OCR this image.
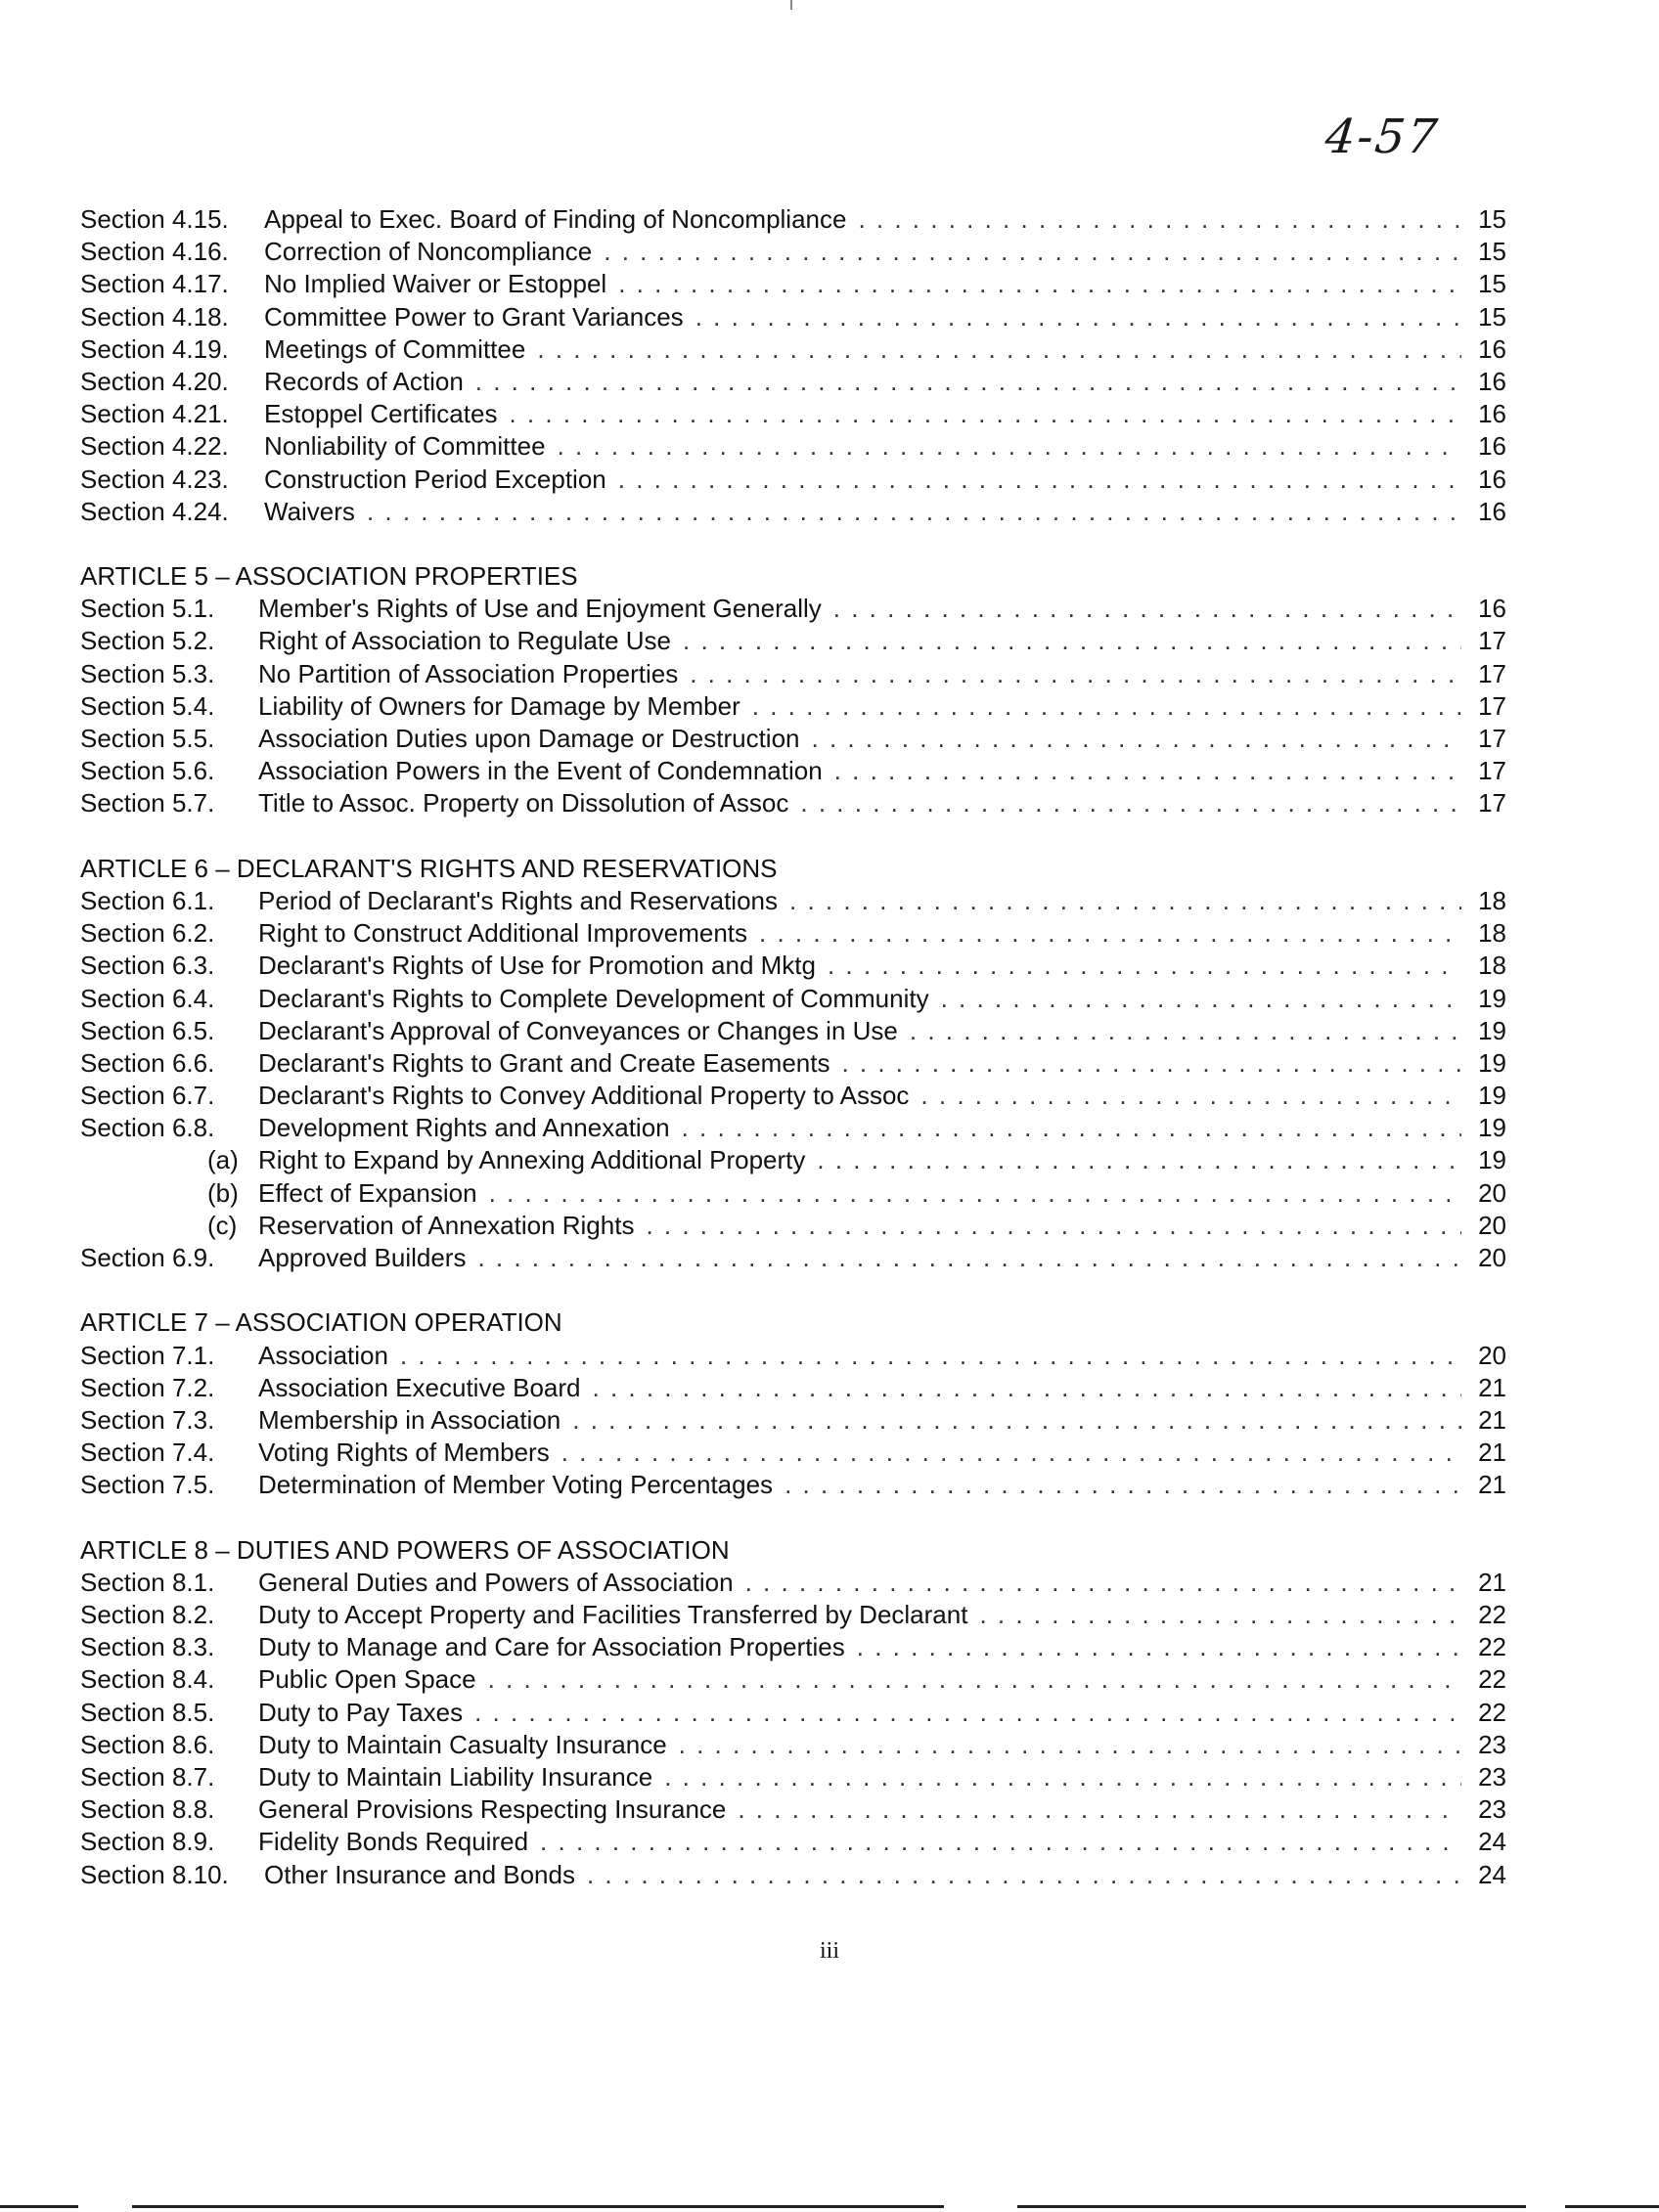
4-57
Section 4.15.	Appeal to Exec. Board of Finding of Noncompliance . . .	15
Section 4.16.	Correction of Noncompliance . . .	15
Section 4.17.	No Implied Waiver or Estoppel . . .	15
Section 4.18.	Committee Power to Grant Variances . . .	15
Section 4.19.	Meetings of Committee . . .	16
Section 4.20.	Records of Action . . .	16
Section 4.21.	Estoppel Certificates . . .	16
Section 4.22.	Nonliability of Committee . . .	16
Section 4.23.	Construction Period Exception . . .	16
Section 4.24.	Waivers . . .	16
ARTICLE 5 – ASSOCIATION PROPERTIES
Section 5.1.	Member's Rights of Use and Enjoyment Generally . . .	16
Section 5.2.	Right of Association to Regulate Use . . .	17
Section 5.3.	No Partition of Association Properties . . .	17
Section 5.4.	Liability of Owners for Damage by Member . . .	17
Section 5.5.	Association Duties upon Damage or Destruction . . .	17
Section 5.6.	Association Powers in the Event of Condemnation . . .	17
Section 5.7.	Title to Assoc. Property on Dissolution of Assoc . . .	17
ARTICLE 6 – DECLARANT'S RIGHTS AND RESERVATIONS
Section 6.1.	Period of Declarant's Rights and Reservations . . .	18
Section 6.2.	Right to Construct Additional Improvements . . .	18
Section 6.3.	Declarant's Rights of Use for Promotion and Mktg . . .	18
Section 6.4.	Declarant's Rights to Complete Development of Community . . .	19
Section 6.5.	Declarant's Approval of Conveyances or Changes in Use . . .	19
Section 6.6.	Declarant's Rights to Grant and Create Easements . . .	19
Section 6.7.	Declarant's Rights to Convey Additional Property to Assoc . . .	19
Section 6.8.	Development Rights and Annexation . . .	19
(a) Right to Expand by Annexing Additional Property . . .	19
(b) Effect of Expansion . . .	20
(c) Reservation of Annexation Rights . . .	20
Section 6.9.	Approved Builders . . .	20
ARTICLE 7 – ASSOCIATION OPERATION
Section 7.1.	Association . . .	20
Section 7.2.	Association Executive Board . . .	21
Section 7.3.	Membership in Association . . .	21
Section 7.4.	Voting Rights of Members . . .	21
Section 7.5.	Determination of Member Voting Percentages . . .	21
ARTICLE 8 – DUTIES AND POWERS OF ASSOCIATION
Section 8.1.	General Duties and Powers of Association . . .	21
Section 8.2.	Duty to Accept Property and Facilities Transferred by Declarant . . .	22
Section 8.3.	Duty to Manage and Care for Association Properties . . .	22
Section 8.4.	Public Open Space . . .	22
Section 8.5.	Duty to Pay Taxes . . .	22
Section 8.6.	Duty to Maintain Casualty Insurance . . .	23
Section 8.7.	Duty to Maintain Liability Insurance . . .	23
Section 8.8.	General Provisions Respecting Insurance . . .	23
Section 8.9.	Fidelity Bonds Required . . .	24
Section 8.10.	Other Insurance and Bonds . . .	24
iii
